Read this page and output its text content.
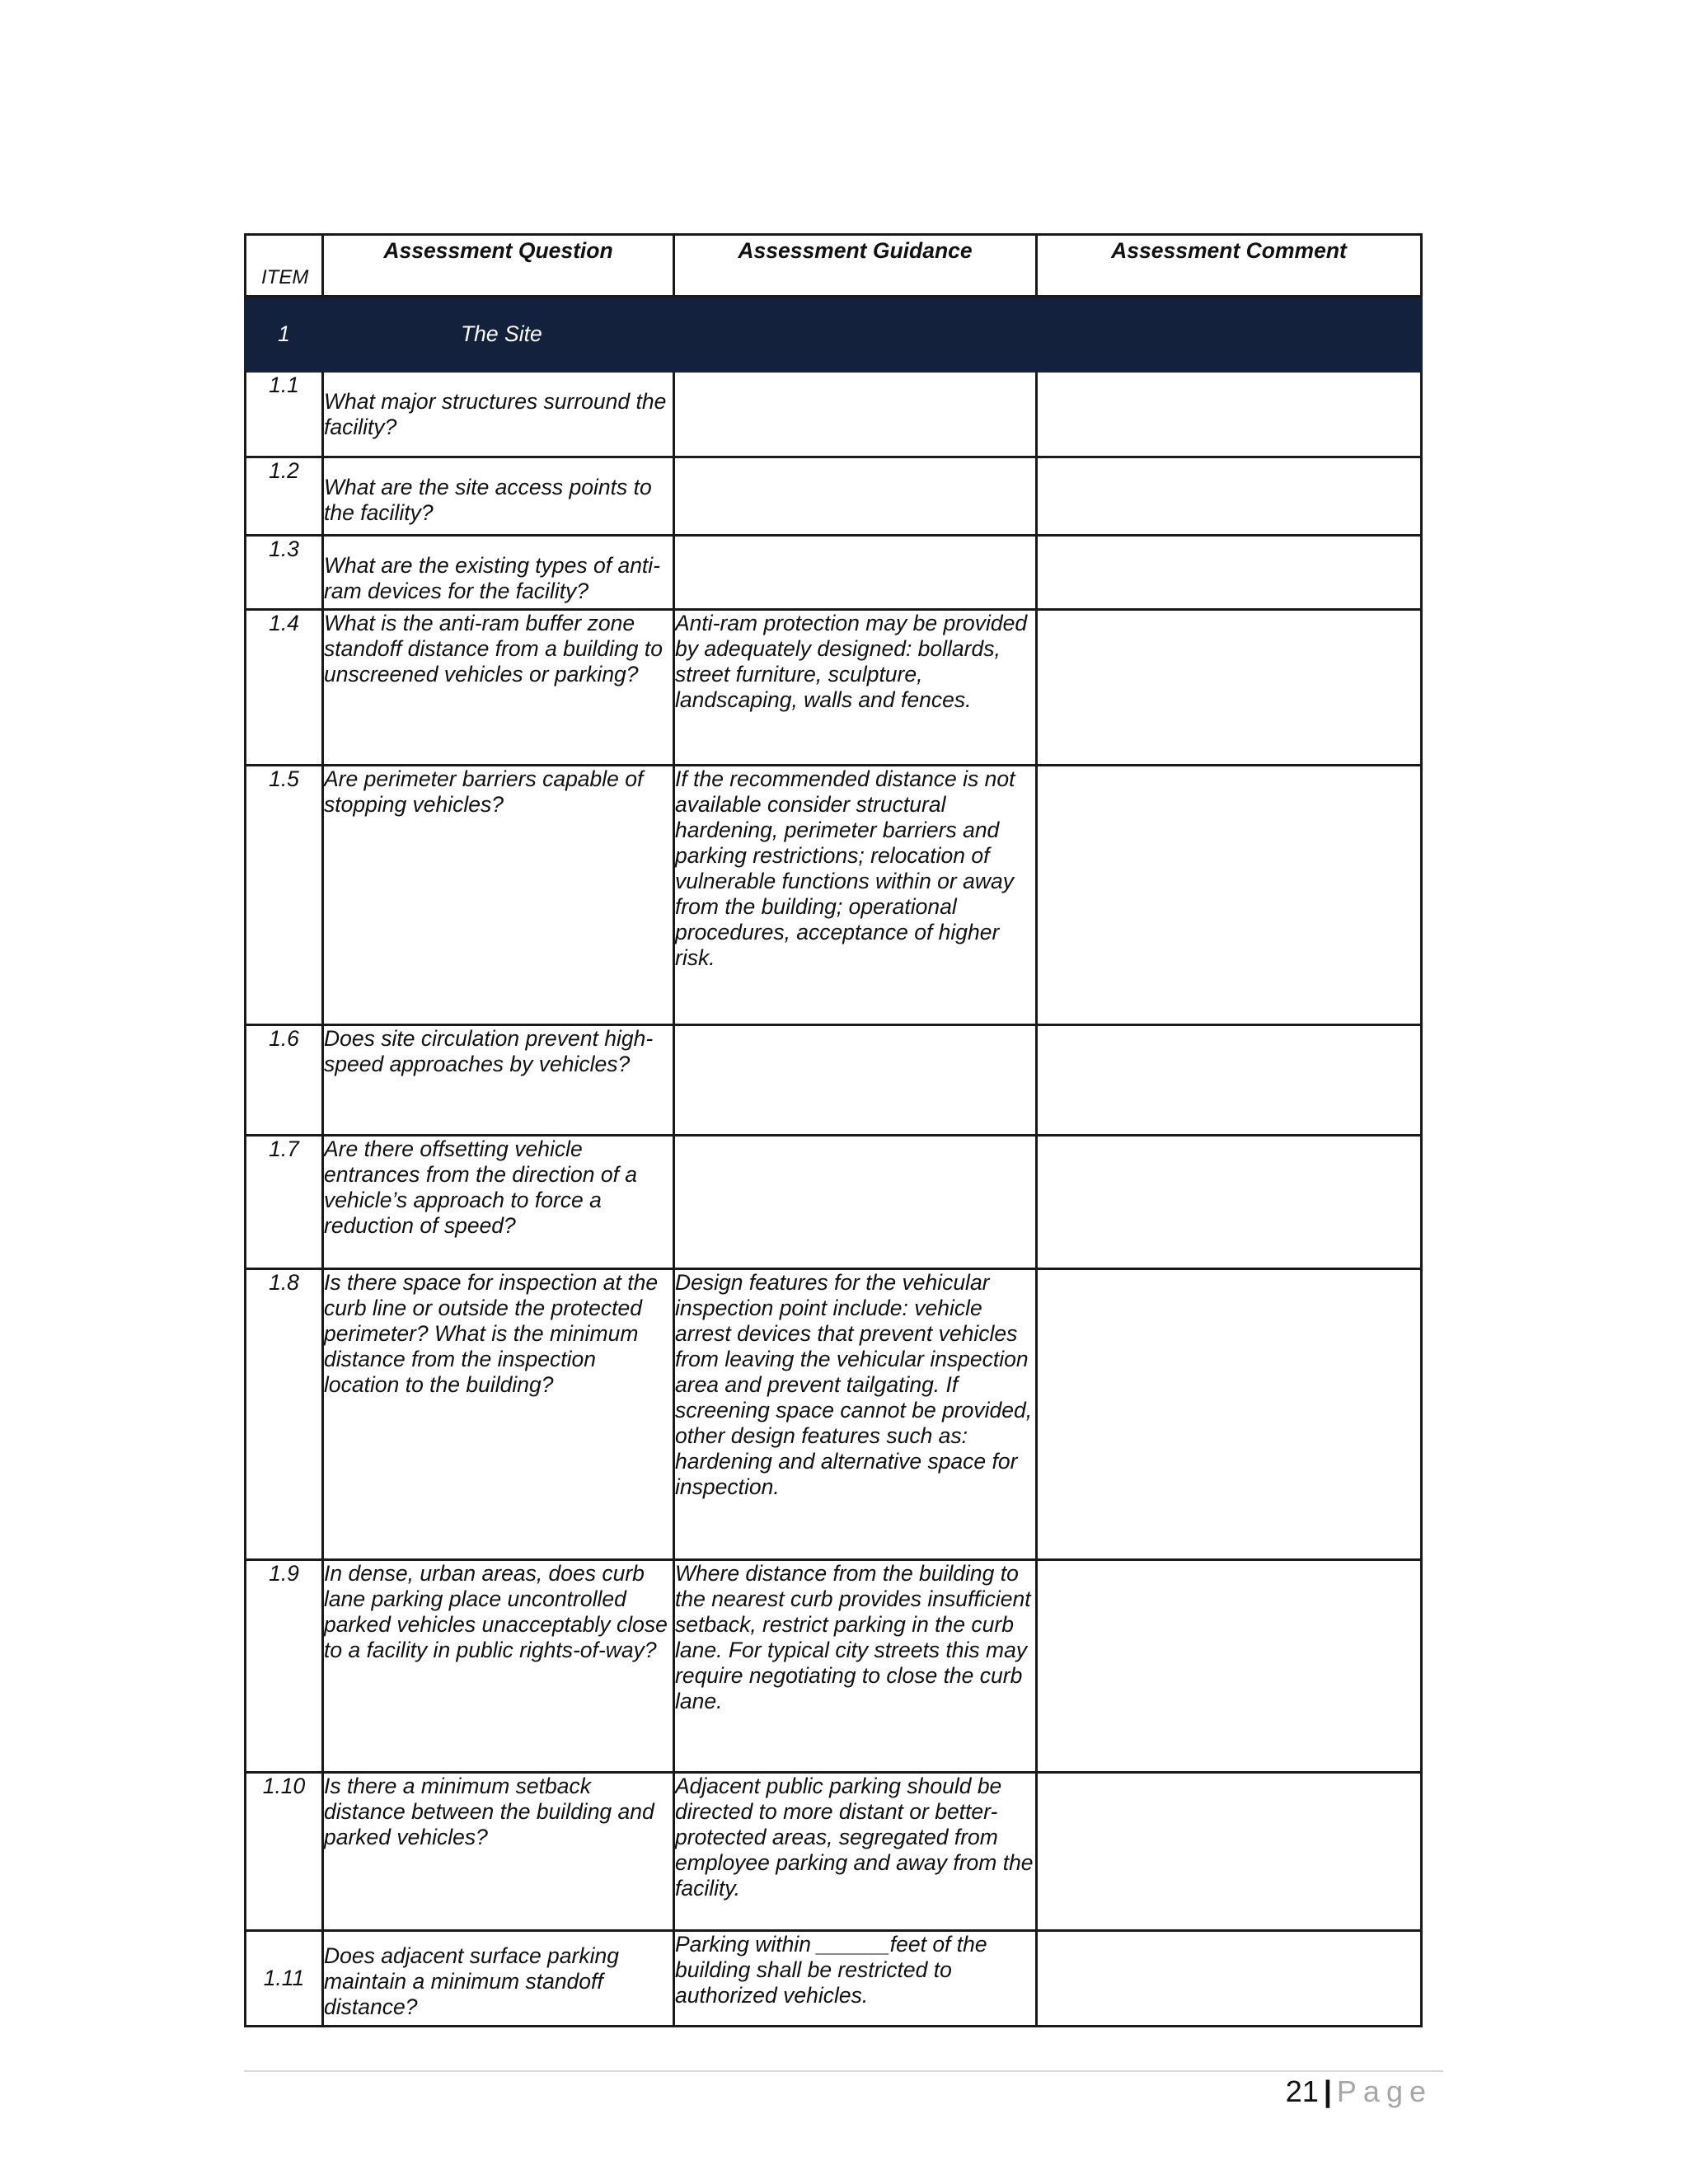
ITEM	Assessment Question	Assessment Guidance	Assessment Comment
1	The Site		
1.1	What major structures surround the facility?		
1.2	What are the site access points to the facility?		
1.3	What are the existing types of anti-ram devices for the facility?		
1.4	What is the anti-ram buffer zone standoff distance from a building to unscreened vehicles or parking?	Anti-ram protection may be provided by adequately designed: bollards, street furniture, sculpture, landscaping, walls and fences.	
1.5	Are perimeter barriers capable of stopping vehicles?	If the recommended distance is not available consider structural hardening, perimeter barriers and parking restrictions; relocation of vulnerable functions within or away from the building; operational procedures, acceptance of higher risk.	
1.6	Does site circulation prevent high-speed approaches by vehicles?		
1.7	Are there offsetting vehicle entrances from the direction of a vehicle’s approach to force a reduction of speed?		
1.8	Is there space for inspection at the curb line or outside the protected perimeter? What is the minimum distance from the inspection location to the building?	Design features for the vehicular inspection point include: vehicle arrest devices that prevent vehicles from leaving the vehicular inspection area and prevent tailgating. If screening space cannot be provided, other design features such as: hardening and alternative space for inspection.	
1.9	In dense, urban areas, does curb lane parking place uncontrolled parked vehicles unacceptably close to a facility in public rights-of-way?	Where distance from the building to the nearest curb provides insufficient setback, restrict parking in the curb lane. For typical city streets this may require negotiating to close the curb lane.	
1.10	Is there a minimum setback distance between the building and parked vehicles?	Adjacent public parking should be directed to more distant or better-protected areas, segregated from employee parking and away from the facility.	
1.11	Does adjacent surface parking maintain a minimum standoff distance?	Parking within ______feet of the building shall be restricted to authorized vehicles.	
21 | Page
